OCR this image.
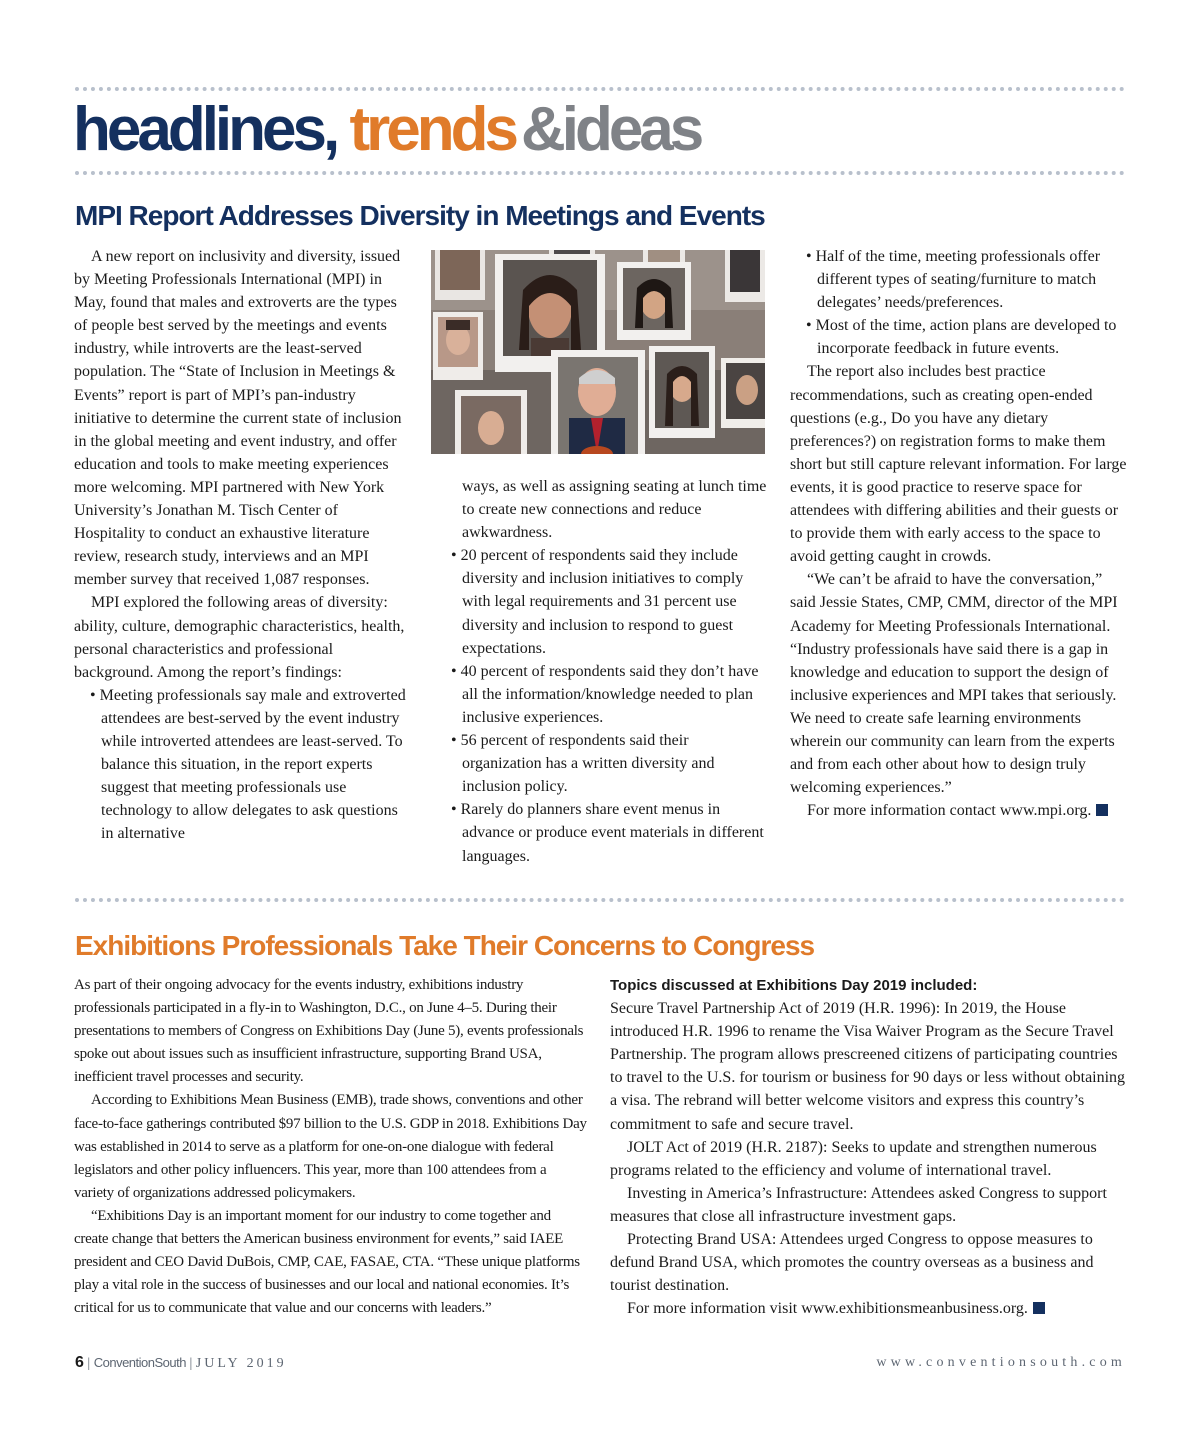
headlines, trends&ideas
MPI Report Addresses Diversity in Meetings and Events

A new report on inclusivity and diversity, issued by Meeting Professionals International (MPI) in May, found that males and extroverts are the types of people best served by the meetings and events industry, while introverts are the least-served population. The “State of Inclusion in Meetings & Events” report is part of MPI’s pan-industry initiative to determine the current state of inclusion in the global meeting and event industry, and offer education and tools to make meeting experiences more welcoming. MPI partnered with New York University’s Jonathan M. Tisch Center of Hospitality to conduct an exhaustive literature review, research study, interviews and an MPI member survey that received 1,087 responses.

MPI explored the following areas of diversity: ability, culture, demographic characteristics, health, personal characteristics and professional background. Among the report’s findings:

• Meeting professionals say male and extroverted attendees are best-served by the event industry while introverted attendees are least-served. To balance this situation, in the report experts suggest that meeting professionals use technology to allow delegates to ask questions in alternative

ways, as well as assigning seating at lunch time to create new connections and reduce awkwardness.

• 20 percent of respondents said they include diversity and inclusion initiatives to comply with legal requirements and 31 percent use diversity and inclusion to respond to guest expectations.

• 40 percent of respondents said they don’t have all the information/knowledge needed to plan inclusive experiences.

• 56 percent of respondents said their organization has a written diversity and inclusion policy.

• Rarely do planners share event menus in advance or produce event materials in different languages.

• Half of the time, meeting professionals offer different types of seating/furniture to match delegates’ needs/preferences.

• Most of the time, action plans are developed to incorporate feedback in future events.

The report also includes best practice recommendations, such as creating open-ended questions (e.g., Do you have any dietary preferences?) on registration forms to make them short but still capture relevant information. For large events, it is good practice to reserve space for attendees with differing abilities and their guests or to provide them with early access to the space to avoid getting caught in crowds.

“We can’t be afraid to have the conversation,” said Jessie States, CMP, CMM, director of the MPI Academy for Meeting Professionals International. “Industry professionals have said there is a gap in knowledge and education to support the design of inclusive experiences and MPI takes that seriously. We need to create safe learning environments wherein our community can learn from the experts and from each other about how to design truly welcoming experiences.”

For more information contact www.mpi.org.

Exhibitions Professionals Take Their Concerns to Congress

As part of their ongoing advocacy for the events industry, exhibitions industry professionals participated in a fly-in to Washington, D.C., on June 4–5. During their presentations to members of Congress on Exhibitions Day (June 5), events professionals spoke out about issues such as insufficient infrastructure, supporting Brand USA, inefficient travel processes and security.

According to Exhibitions Mean Business (EMB), trade shows, conventions and other face-to-face gatherings contributed $97 billion to the U.S. GDP in 2018. Exhibitions Day was established in 2014 to serve as a platform for one-on-one dialogue with federal legislators and other policy influencers. This year, more than 100 attendees from a variety of organizations addressed policymakers.

“Exhibitions Day is an important moment for our industry to come together and create change that betters the American business environment for events,” said IAEE president and CEO David DuBois, CMP, CAE, FASAE, CTA. “These unique platforms play a vital role in the success of businesses and our local and national economies. It’s critical for us to communicate that value and our concerns with leaders.”

Topics discussed at Exhibitions Day 2019 included:

Secure Travel Partnership Act of 2019 (H.R. 1996): In 2019, the House introduced H.R. 1996 to rename the Visa Waiver Program as the Secure Travel Partnership. The program allows prescreened citizens of participating countries to travel to the U.S. for tourism or business for 90 days or less without obtaining a visa. The rebrand will better welcome visitors and express this country’s commitment to safe and secure travel.

JOLT Act of 2019 (H.R. 2187): Seeks to update and strengthen numerous programs related to the efficiency and volume of international travel.

Investing in America’s Infrastructure: Attendees asked Congress to support measures that close all infrastructure investment gaps.

Protecting Brand USA: Attendees urged Congress to oppose measures to defund Brand USA, which promotes the country overseas as a business and tourist destination.

For more information visit www.exhibitionsmeanbusiness.org.

6 | ConventionSouth | JULY 2019	www.conventionsouth.com
